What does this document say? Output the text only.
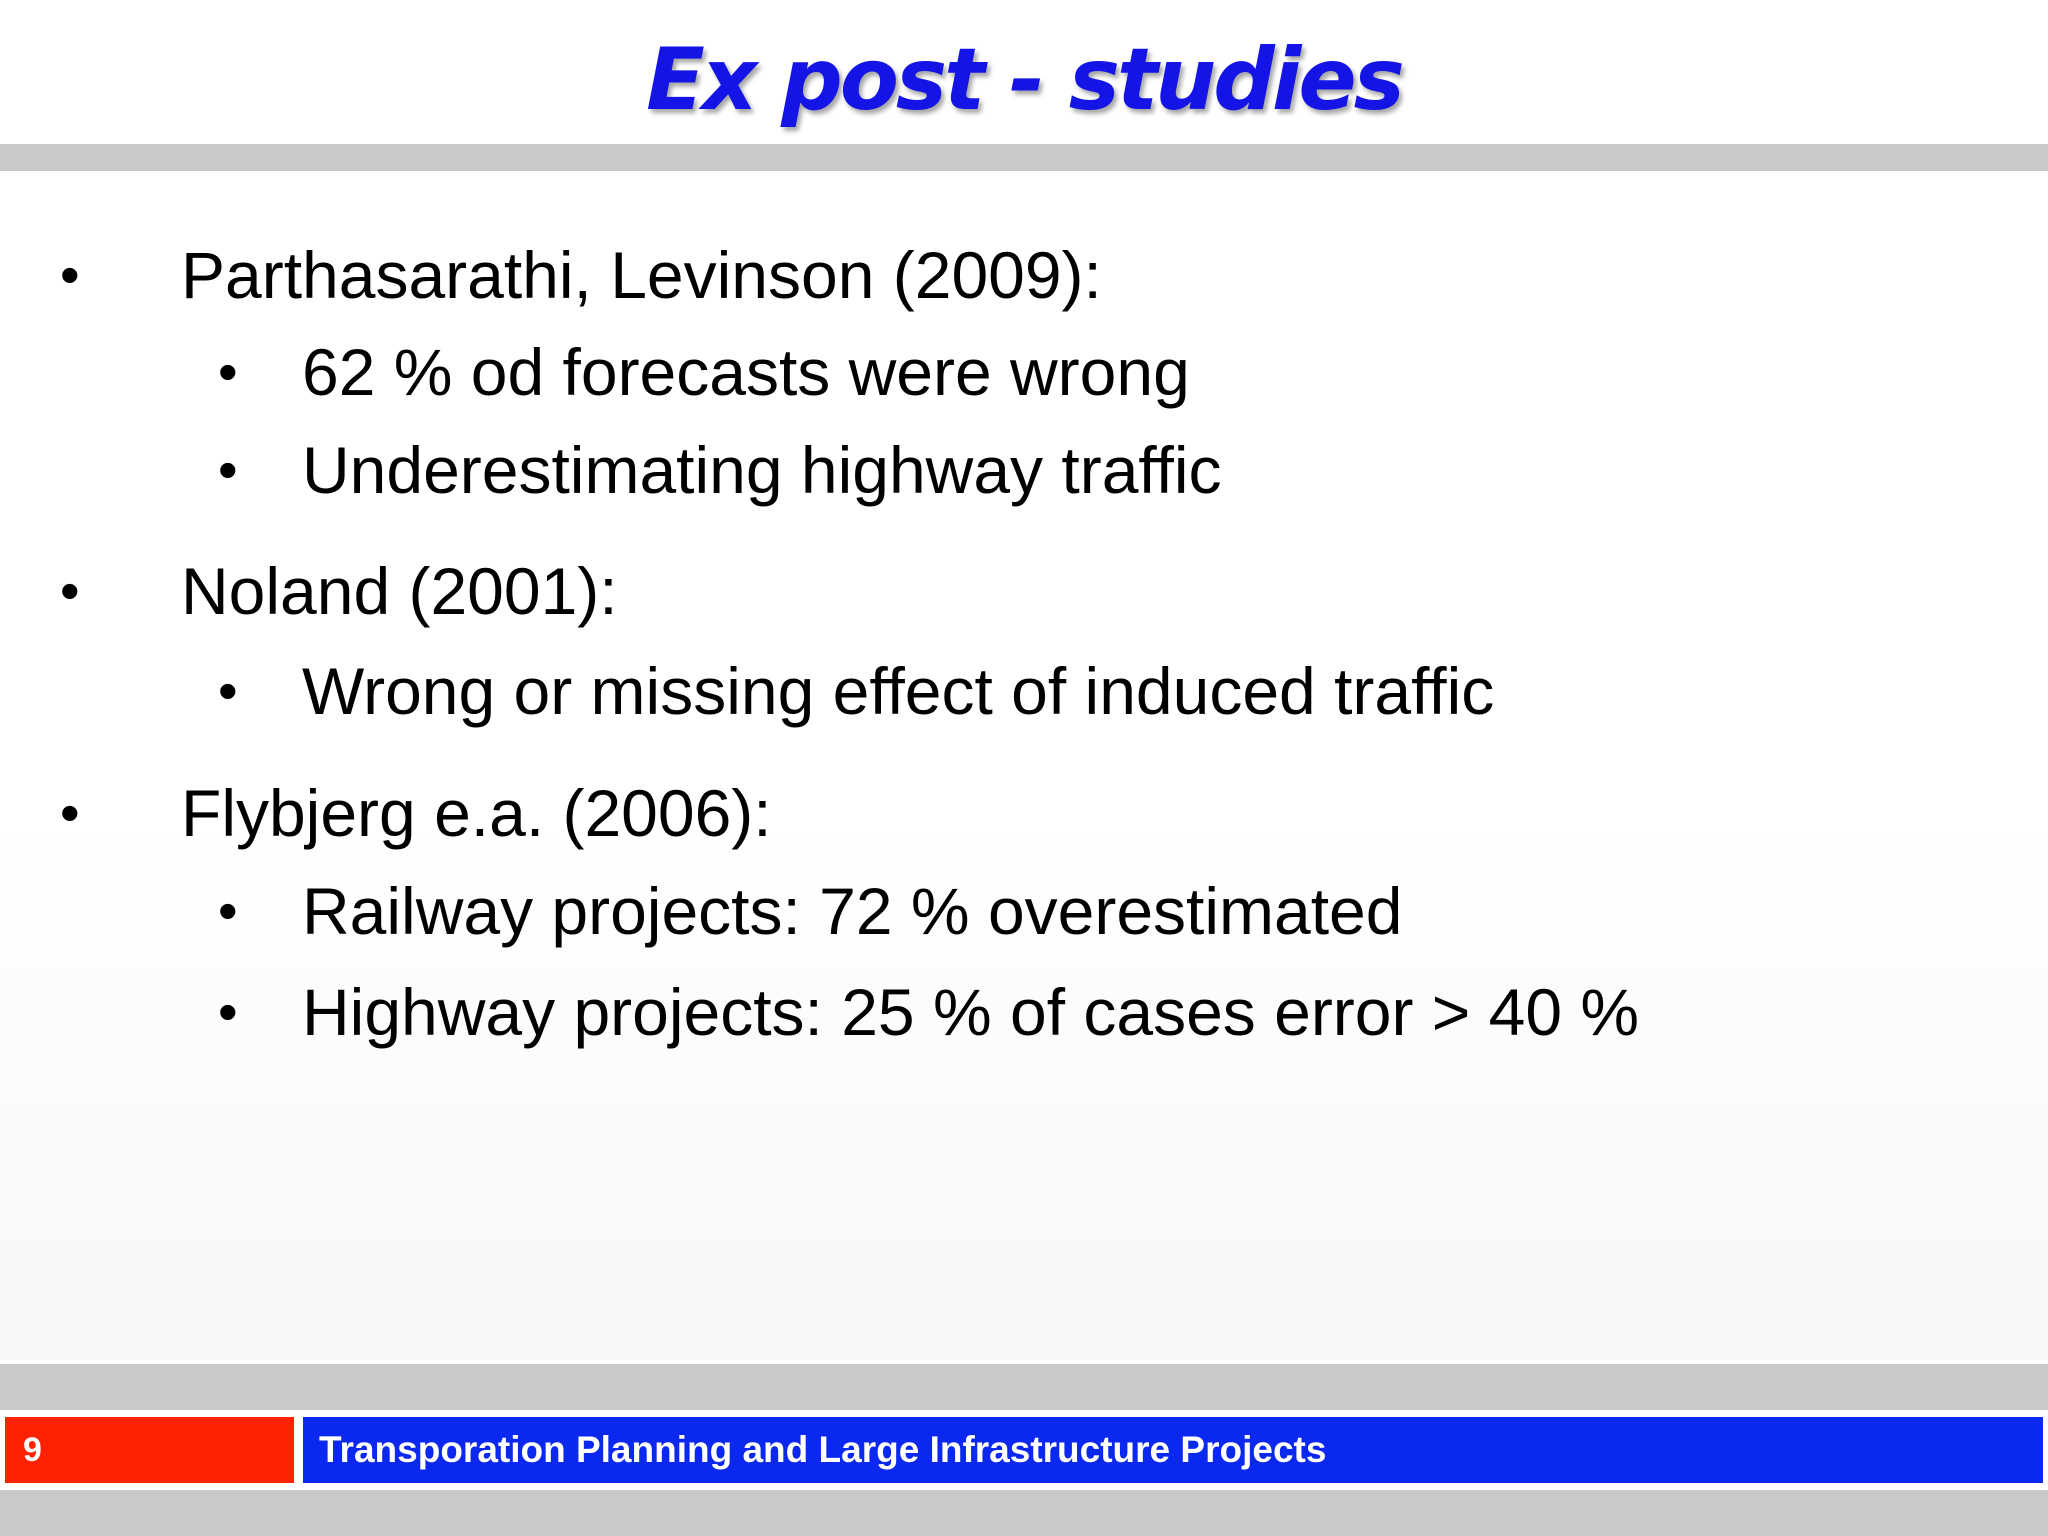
Ex post - studies
• Parthasarathi, Levinson (2009):
• 62 % od forecasts were wrong
• Underestimating highway traffic
• Noland (2001):
• Wrong or missing effect of induced traffic
• Flybjerg e.a. (2006):
• Railway projects: 72 % overestimated
• Highway projects: 25 % of cases error > 40 %
9	Transporation Planning and Large Infrastructure Projects
